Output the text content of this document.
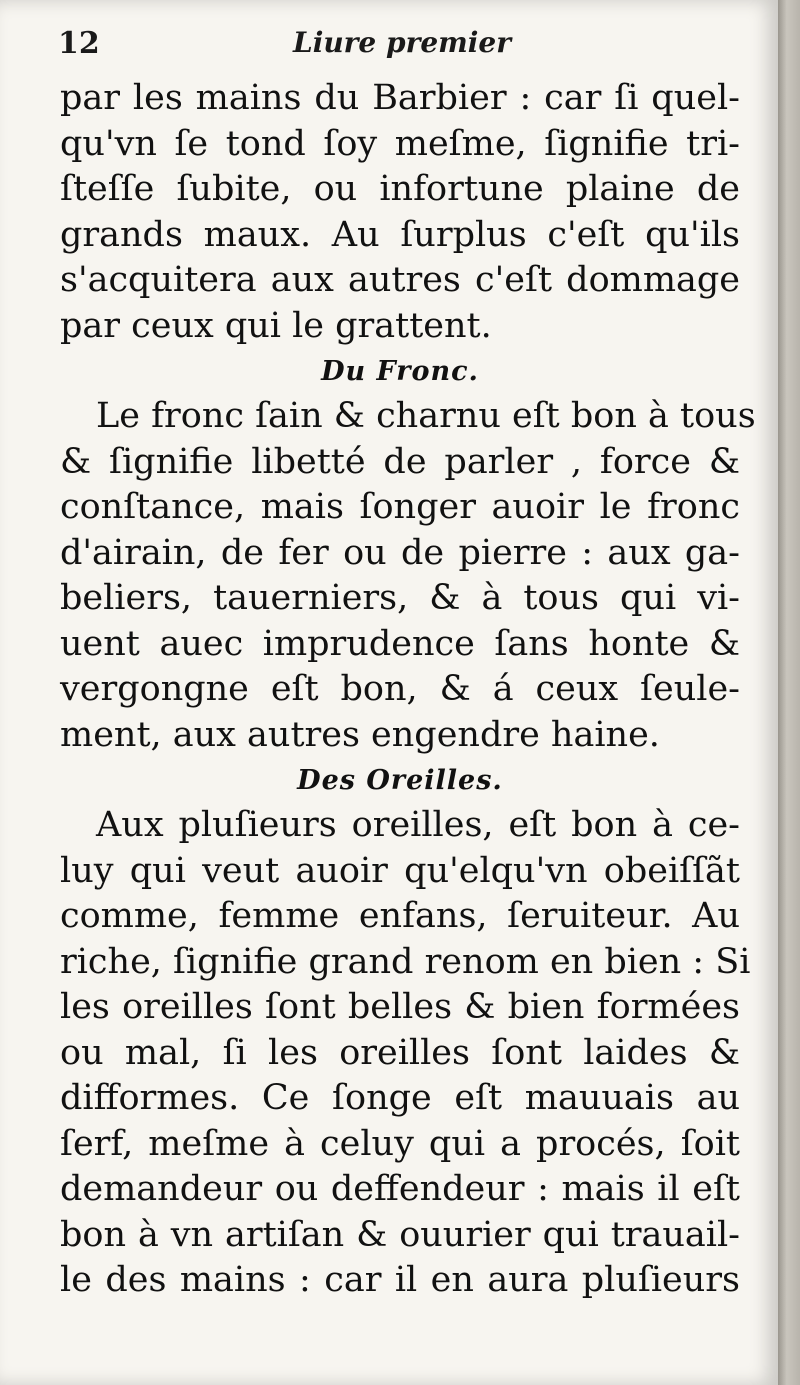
12	Liure premier
par les mains du Barbier : car ſi quel-
qu'vn ſe tond ſoy meſme, ſignifie tri-
ſteſſe ſubite, ou infortune plaine de
grands maux. Au ſurplus c'eſt qu'ils
s'acquitera aux autres c'eſt dommage
par ceux qui le grattent.
Du Fronc.
Le fronc ſain & charnu eſt bon à tous
& ſignifie libetté de parler , force &
conſtance, mais ſonger auoir le fronc
d'airain, de fer ou de pierre : aux ga-
beliers, tauerniers, & à tous qui vi-
uent auec imprudence ſans honte &
vergongne eſt bon, & á ceux ſeule-
ment, aux autres engendre haine.
Des Oreilles.
Aux pluſieurs oreilles, eſt bon à ce-
luy qui veut auoir qu'elqu'vn obeiſſãt
comme, femme enfans, ſeruiteur. Au
riche, ſignifie grand renom en bien : Si
les oreilles ſont belles & bien formées
ou mal, ſi les oreilles ſont laides &
difformes. Ce ſonge eſt mauuais au
ſerf, meſme à celuy qui a procés, ſoit
demandeur ou deffendeur : mais il eſt
bon à vn artiſan & ouurier qui trauail-
le des mains : car il en aura pluſieurs
